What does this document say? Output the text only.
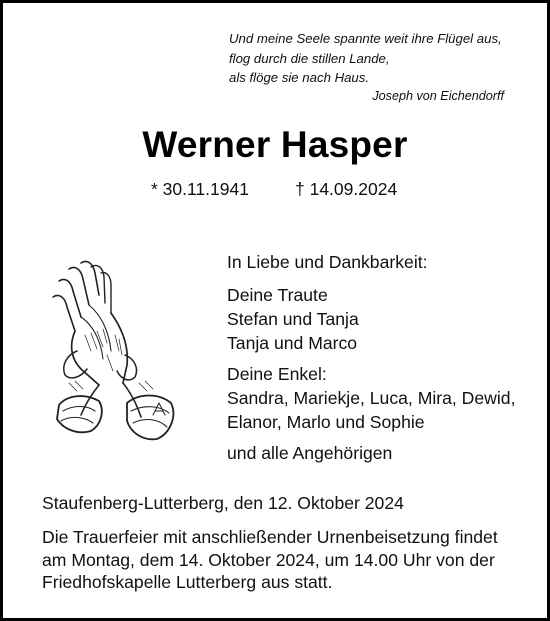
Und meine Seele spannte weit ihre Flügel aus,
flog durch die stillen Lande,
als flöge sie nach Haus.
Joseph von Eichendorff
Werner Hasper
* 30.11.1941	† 14.09.2024
In Liebe und Dankbarkeit:
Deine Traute
Stefan und Tanja
Tanja und Marco
Deine Enkel:
Sandra, Mariekje, Luca, Mira, Dewid,
Elanor, Marlo und Sophie
und alle Angehörigen
Staufenberg-Lutterberg, den 12. Oktober 2024
Die Trauerfeier mit anschließender Urnenbeisetzung findet
am Montag, dem 14. Oktober 2024, um 14.00 Uhr von der
Friedhofskapelle Lutterberg aus statt.
